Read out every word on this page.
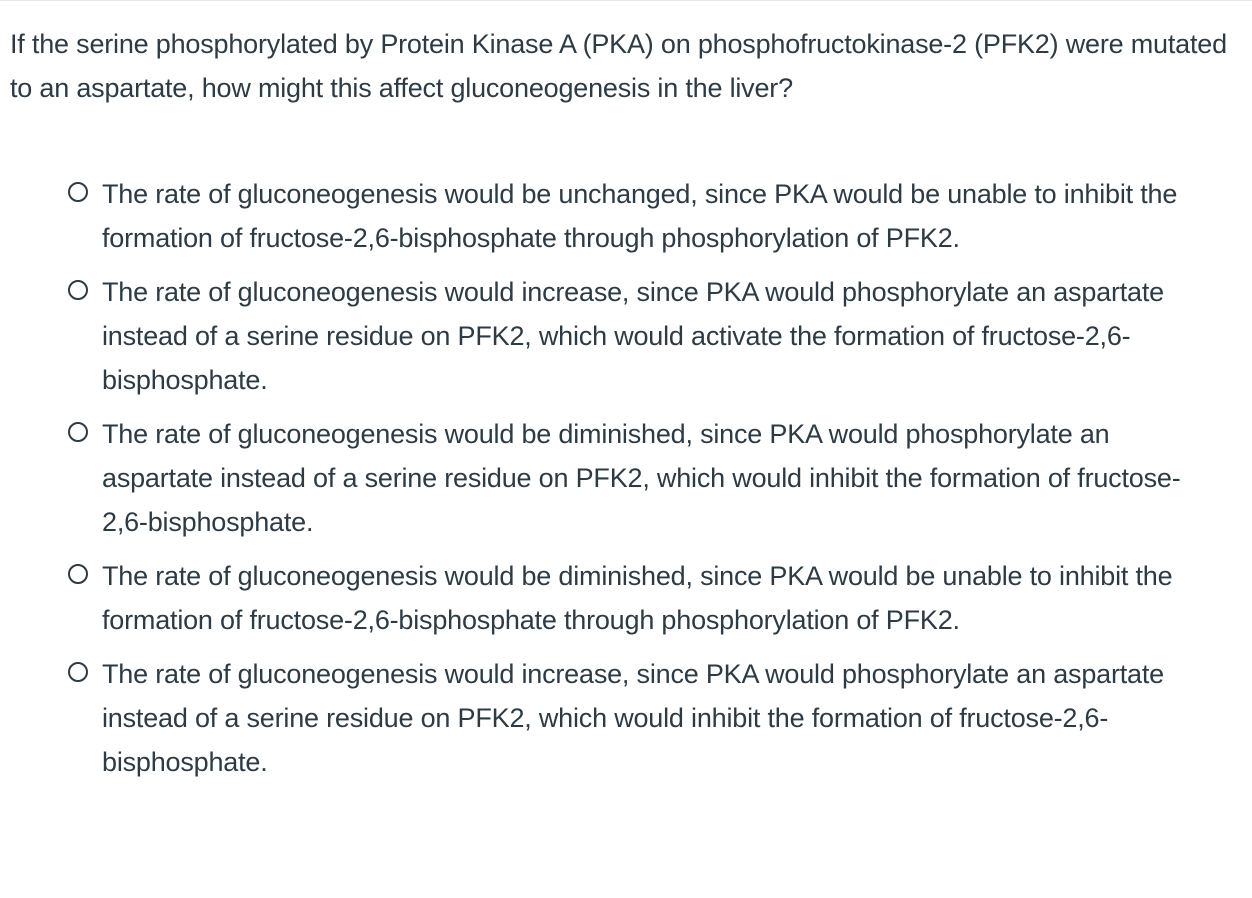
If the serine phosphorylated by Protein Kinase A (PKA) on phosphofructokinase-2 (PFK2) were mutated to an aspartate, how might this affect gluconeogenesis in the liver?
The rate of gluconeogenesis would be unchanged, since PKA would be unable to inhibit the formation of fructose-2,6-bisphosphate through phosphorylation of PFK2.
The rate of gluconeogenesis would increase, since PKA would phosphorylate an aspartate instead of a serine residue on PFK2, which would activate the formation of fructose-2,6-bisphosphate.
The rate of gluconeogenesis would be diminished, since PKA would phosphorylate an aspartate instead of a serine residue on PFK2, which would inhibit the formation of fructose-2,6-bisphosphate.
The rate of gluconeogenesis would be diminished, since PKA would be unable to inhibit the formation of fructose-2,6-bisphosphate through phosphorylation of PFK2.
The rate of gluconeogenesis would increase, since PKA would phosphorylate an aspartate instead of a serine residue on PFK2, which would inhibit the formation of fructose-2,6-bisphosphate.
